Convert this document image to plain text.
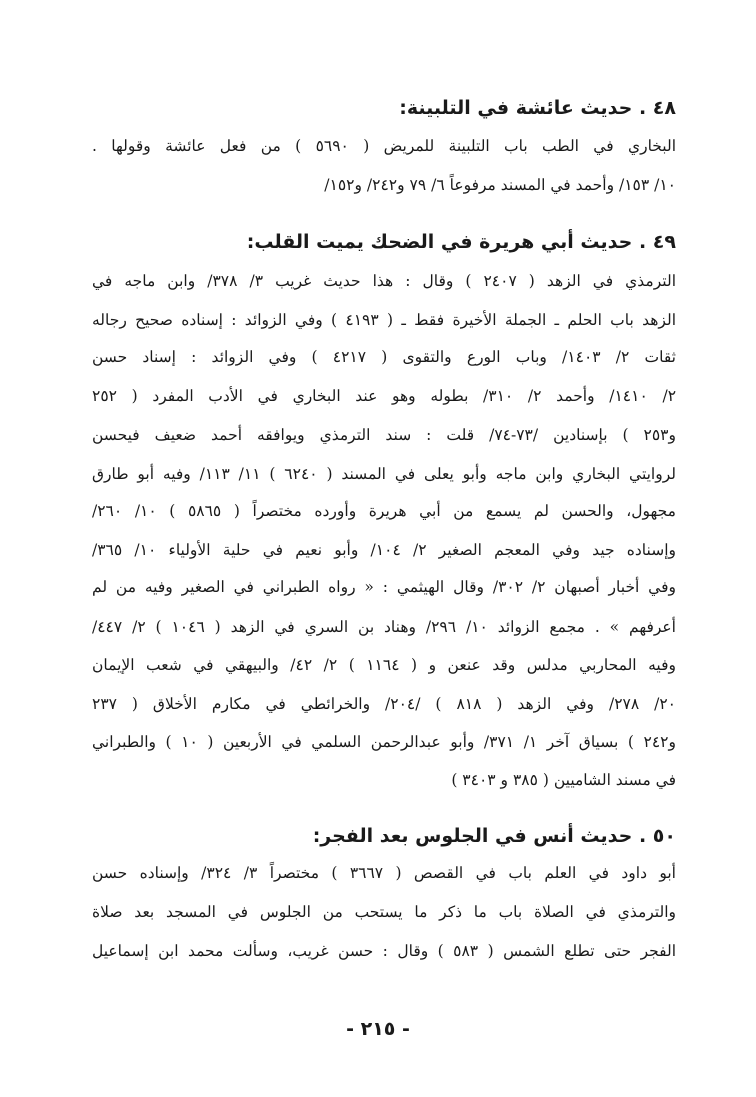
٤٨ . حديث عائشة في التلبينة:
البخاري في الطب باب التلبينة للمريض ( ٥٦٩٠ ) من فعل عائشة وقولها .
١٠/ ١٥٣/ وأحمد في المسند مرفوعاً ٦/ ٧٩ و٢٤٢/ و١٥٢/
٤٩ . حديث أبي هريرة في الضحك يميت القلب:
الترمذي في الزهد ( ٢٤٠٧ ) وقال : هذا حديث غريب ٣/ ٣٧٨/ وابن ماجه في
الزهد باب الحلم ـ الجملة الأخيرة فقط ـ ( ٤١٩٣ ) وفي الزوائد : إسناده صحيح رجاله
ثقات ٢/ ١٤٠٣/ وباب الورع والتقوى ( ٤٢١٧ ) وفي الزوائد : إسناد حسن
٢/ ١٤١٠/ وأحمد ٢/ ٣١٠/ بطوله وهو عند البخاري في الأدب المفرد ( ٢٥٢
و٢٥٣ ) بإسنادين /٧٣-٧٤/ قلت : سند الترمذي ويوافقه أحمد ضعيف فيحسن
لروايتي البخاري وابن ماجه وأبو يعلى في المسند ( ٦٢٤٠ ) ١١/ ١١٣/ وفيه أبو طارق
مجهول، والحسن لم يسمع من أبي هريرة وأورده مختصراً ( ٥٨٦٥ ) ١٠/ ٢٦٠/
وإسناده جيد وفي المعجم الصغير ٢/ ١٠٤/ وأبو نعيم في حلية الأولياء ١٠/ ٣٦٥/
وفي أخبار أصبهان ٢/ ٣٠٢/ وقال الهيثمي : « رواه الطبراني في الصغير وفيه من لم
أعرفهم » . مجمع الزوائد ١٠/ ٢٩٦/ وهناد بن السري في الزهد ( ١٠٤٦ ) ٢/ ٤٤٧/
وفيه المحاربي مدلس وقد عنعن و ( ١١٦٤ ) ٢/ ٤٢/ والبيهقي في شعب الإيمان
٢٠/ ٢٧٨/ وفي الزهد ( ٨١٨ ) /٢٠٤/ والخرائطي في مكارم الأخلاق ( ٢٣٧
و٢٤٢ ) بسياق آخر ١/ ٣٧١/ وأبو عبدالرحمن السلمي في الأربعين ( ١٠ ) والطبراني
في مسند الشاميين ( ٣٨٥ و ٣٤٠٣ )
٥٠ . حديث أنس في الجلوس بعد الفجر:
أبو داود في العلم باب في القصص ( ٣٦٦٧ ) مختصراً ٣/ ٣٢٤/ وإسناده حسن
والترمذي في الصلاة باب ما ذكر ما يستحب من الجلوس في المسجد بعد صلاة
الفجر حتى تطلع الشمس ( ٥٨٣ ) وقال : حسن غريب، وسألت محمد ابن إسماعيل
- ٢١٥ -
